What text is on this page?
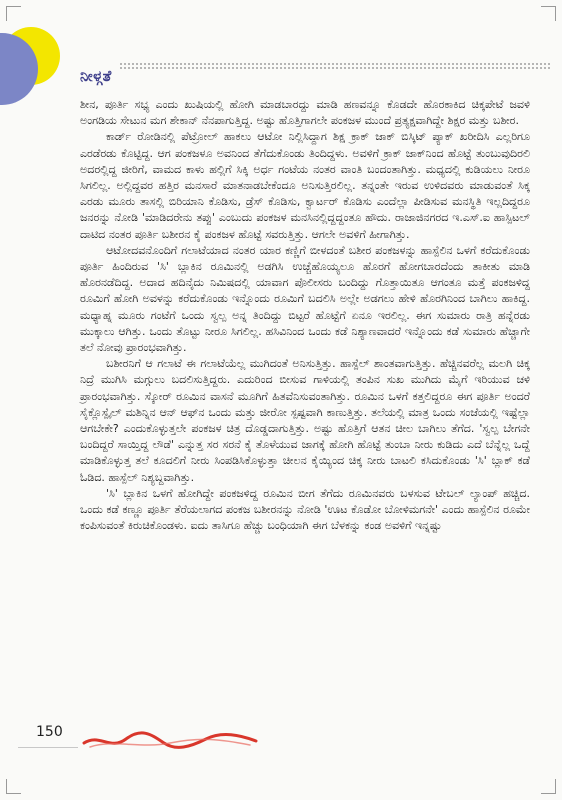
ನೀಳ್ಗತೆ

ಶೀನ, ಪೂರ್ತಿ ಸಭ್ಯ ಎಂದು ಖುಷಿಯಲ್ಲಿ ಹೋಗಿ ಮಾಡಬಾರದ್ದು ಮಾಡಿ ಹಣವನ್ನೂ ಕೊಡದೇ ಹೊರಕಾಕಿದ ಚಿಕ್ಕಪೇಟೆ ಜವಳಿ ಅಂಗಡಿಯ ಸೇಟುನ ಮಗ ಶೇಕಾನ್ ನೆನಪಾಗುತ್ತಿದ್ದ. ಅಷ್ಟು ಹೊತ್ತಿಗಾಗಲೇ ಪಂಕಜಳ ಮುಂದೆ ಪ್ರತ್ಯಕ್ಷವಾಗಿದ್ದೇ ಶಿಕ್ಷರ ಮತ್ತು ಬಶೀರ.

ಕಾರ್ಡ್ ರೋಡಿನಲ್ಲಿ ಪೆಟ್ರೋಲ್ ಹಾಕಲು ಆಟೋ ನಿಲ್ಲಿಸಿದ್ದಾಗ ಶಿಕ್ಷ ಕ್ರಾಕ್ ಜಾಕ್ ಬಿಸ್ಕಿಟ್ ಪ್ಯಾಕ್ ಖರೀದಿಸಿ ಎಲ್ಲರಿಗೂ ಎರಡೆರಡು ಕೊಟ್ಟಿದ್ದ. ಆಗ ಪಂಕಜಳೂ ಅವನಿಂದ ತೆಗೆದುಕೊಂಡು ತಿಂದಿದ್ದಳು. ಅವಳಿಗೆ ಕ್ರಾಕ್ ಜಾಕ್‌ನಿಂದ ಹೊಟ್ಟೆ ತುಂಬುವುದಿರಲಿ ಅದರಲ್ಲಿದ್ದ ಜೀರಿಗೆ, ವಾಮದ ಕಾಳು ಹಲ್ಲಿಗೆ ಸಿಕ್ಕಿ ಅರ್ಧ ಗಂಟೆಯ ನಂತರ ವಾಂತಿ ಬಂದಂತಾಗಿತ್ತು. ಮಧ್ಯದಲ್ಲಿ ಕುಡಿಯಲು ನೀರೂ ಸಿಗಲಿಲ್ಲ. ಅಲ್ಲಿದ್ದವರ ಹತ್ತಿರ ಮನಸಾರೆ ಮಾತನಾಡಬೇಕೆಂದೂ ಅನಿಸುತ್ತಿರಲಿಲ್ಲ. ತನ್ನಂತೇ ಇರುವ ಉಳಿದವರು ಮಾಡುವಂತೆ ಸಿಕ್ಕ ಎರಡು ಮೂರು ತಾಸಲ್ಲಿ ಬಿರಿಯಾನಿ ಕೊಡಿಸು, ಡ್ರೆಸ್ ಕೊಡಿಸು, ಕ್ವಾರ್ಟರ್ ಕೊಡಿಸು ಎಂದೆಲ್ಲಾ ಪೀಡಿಸುವ ಮನಸ್ಥಿತಿ ಇಲ್ಲದಿದ್ದರೂ ಜನರನ್ನು ನೋಡಿ 'ಮಾಡಿದರೇನು ತಪ್ಪು' ಎಂಬುದು ಪಂಕಜಳ ಮನಸಿನಲ್ಲಿದ್ದದ್ದಂತೂ ಹೌದು. ರಾಜಾಜಿನಗರದ ಇ.ಎಸ್.ಐ ಹಾಸ್ಪಿಟಲ್ ದಾಟಿದ ನಂತರ ಪೂರ್ತಿ ಬಶೀರನ ಕೈ ಪಂಕಜಳ ಹೊಟ್ಟೆ ಸವರುತ್ತಿತ್ತು. ಆಗಲೇ ಅವಳಿಗೆ ಹೀಗಾಗಿತ್ತು.

ಆಟೋದವನೊಂದಿಗೆ ಗಲಾಟೆಯಾದ ನಂತರ ಯಾರ ಕಣ್ಣಿಗೆ ಬೀಳದಂತೆ ಬಶೀರ ಪಂಕಜಳನ್ನು ಹಾಸ್ಪೆಲಿನ ಒಳಗೆ ಕರೆದುಕೊಂಡು ಪೂರ್ತಿ ಹಿಂದಿರುವ 'ಸಿ' ಬ್ಲಾಕಿನ ರೂಮಿನಲ್ಲಿ ಅಡಗಿಸಿ ಉಚ್ಚೆಹೊಯ್ಯಲೂ ಹೊರಗೆ ಹೋಗಬಾರದೆಂದು ತಾಕೀತು ಮಾಡಿ ಹೊರನಡೆದಿದ್ದ. ಅದಾದ ಹದಿನೈದು ನಿಮಿಷದಲ್ಲಿ ಯಾವಾಗ ಪೊಲೀಸರು ಬಂದಿದ್ದು ಗೊತ್ತಾಯಿತೂ ಆಗಂತೂ ಮತ್ತೆ ಪಂಕಜಳಿದ್ದ ರೂಮಿಗೆ ಹೋಗಿ ಅವಳನ್ನು ಕರೆದುಕೊಂಡು ಇನ್ನೊಂದು ರೂಮಿಗೆ ಬದಲಿಸಿ ಅಲ್ಲೇ ಅಡಗಲು ಹೇಳಿ ಹೊರಗಿನಿಂದ ಬಾಗಿಲು ಹಾಕಿದ್ದ. ಮಧ್ಯಾಹ್ನ ಮೂರು ಗಂಟೆಗೆ ಒಂದು ಸ್ವಲ್ಪ ಅನ್ನ ತಿಂದಿದ್ದು ಬಿಟ್ಟರೆ ಹೊಟ್ಟೆಗೆ ಏನೂ ಇರಲಿಲ್ಲ. ಈಗ ಸುಮಾರು ರಾತ್ರಿ ಹನ್ನೆರಡು ಮುಕ್ಕಾಲು ಆಗಿತ್ತು. ಒಂದು ತೊಟ್ಟು ನೀರೂ ಸಿಗಲಿಲ್ಲ. ಹಸಿವಿನಿಂದ ಒಂದು ಕಡೆ ನಿಶ್ಯಾಣವಾದರೆ ಇನ್ನೊಂದು ಕಡೆ ಸುಮಾರು ಹೆಚ್ಚಾಗೇ ತಲೆ ನೋವು ಪ್ರಾರಂಭವಾಗಿತ್ತು.

ಬಶೀರನಿಗೆ ಆ ಗಲಾಟೆ ಈ ಗಲಾಟೆಯೆಲ್ಲ ಮುಗಿದಂತೆ ಅನಿಸುತ್ತಿತ್ತು. ಹಾಸ್ಪೆಲ್ ಶಾಂತವಾಗುತ್ತಿತ್ತು. ಹೆಚ್ಚಿನವರೆಲ್ಲ ಮಲಗಿ ಚಿಕ್ಕ ನಿದ್ರೆ ಮುಗಿಸಿ ಮಗ್ಗುಲು ಬದಲಿಸುತ್ತಿದ್ದರು. ಎದುರಿಂದ ಬೀಸುವ ಗಾಳಿಯಲ್ಲಿ ತಂಪಿನ ಸುಖ ಮುಗಿದು ಮೈಗೆ ಇರಿಯುವ ಚಳಿ ಪ್ರಾರಂಭವಾಗಿತ್ತು. ಸ್ಕೋರ್ ರೂಮಿನ ವಾಸನೆ ಮೂಗಿಗೆ ಹಿತವೆನಿಸುವಂತಾಗಿತ್ತು. ರೂಮಿನ ಒಳಗೆ ಕತ್ತಲಿದ್ದರೂ ಈಗ ಪೂರ್ತಿ ಅಂದರೆ ಸೈಕ್ಲೊಸ್ಪೈಲ್ ಮಶಿನ್ನಿನ ಆನ್ ಆಫ್‌ನ ಒಂದು ಮತ್ತು ಜೀರೋ ಸ್ಪಷ್ಟವಾಗಿ ಕಾಣುತ್ತಿತ್ತು. ತಲೆಯಲ್ಲಿ ಮಾತ್ರ ಒಂದು ಸಂಜೆಯಲ್ಲಿ ಇಷ್ಟೆಲ್ಲಾ ಆಗಬೇಕೇ? ಎಂದುಕೊಳ್ಳುತ್ತಲೇ ಪಂಕಜಳ ಚಿತ್ರ ದೊಡ್ಡದಾಗುತ್ತಿತ್ತು. ಅಷ್ಟು ಹೊತ್ತಿಗೆ ಆತನ ಚೀಲ ಬಾಗಿಲು ತೆಗೆದ. 'ಸ್ವಲ್ಪ ಬೇಗನೇ ಬಂದಿದ್ದರೆ ಸಾಯ್ತಿದ್ದ ಲೌಡೆ' ಎನ್ನುತ್ತ ಸರ ಸರನೆ ಕೈ ತೊಳೆಯುವ ಜಾಗಕ್ಕೆ ಹೋಗಿ ಹೊಟ್ಟೆ ತುಂಬಾ ನೀರು ಕುಡಿದು ಎದೆ ಬೆನ್ನೆಲ್ಲ ಒದ್ದೆ ಮಾಡಿಕೊಳ್ಳುತ್ತ ತಲೆ ಕೂದಲಿಗೆ ನೀರು ಸಿಂಪಡಿಸಿಕೊಳ್ಳುತ್ತಾ ಚೀಲನ ಕೈಯ್ಯಿಂದ ಚಿಕ್ಕ ನೀರು ಬಾಟಲಿ ಕಸಿದುಕೊಂಡು 'ಸಿ' ಬ್ಲಾಕ್ ಕಡೆ ಓಡಿದ. ಹಾಸ್ಪೆಲ್ ನಿಶ್ಯಬ್ದವಾಗಿತ್ತು.

'ಸಿ' ಬ್ಲಾಕಿನ ಒಳಗೆ ಹೋಗಿದ್ದೇ ಪಂಕಜಳಿದ್ದ ರೂಮಿನ ಬೀಗ ತೆಗೆದು ರೂಮಿನವರು ಬಳಸುವ ಟೇಬಲ್ ಲ್ಯಾಂಪ್ ಹಚ್ಚಿದ. ಒಂದು ಕಡೆ ಕಣ್ಣೂ ಪೂರ್ತಿ ತೆರೆಯಲಾಗದ ಪಂಕಜ ಬಶೀರನನ್ನು ನೋಡಿ 'ಊಟ ಕೊಡೋ ಬೋಳಿಮಗನೇ' ಎಂದು ಹಾಸ್ಪೆಲಿನ ರೂಮೇ ಕಂಪಿಸುವಂತೆ ಕಿರುಚಿಕೊಂಡಳು. ಐದು ತಾಸಿಗೂ ಹೆಚ್ಚು ಬಂಧಿಯಾಗಿ ಈಗ ಬೆಳಕನ್ನು ಕಂಡ ಅವಳಿಗೆ ಇನ್ನಷ್ಟು

150
